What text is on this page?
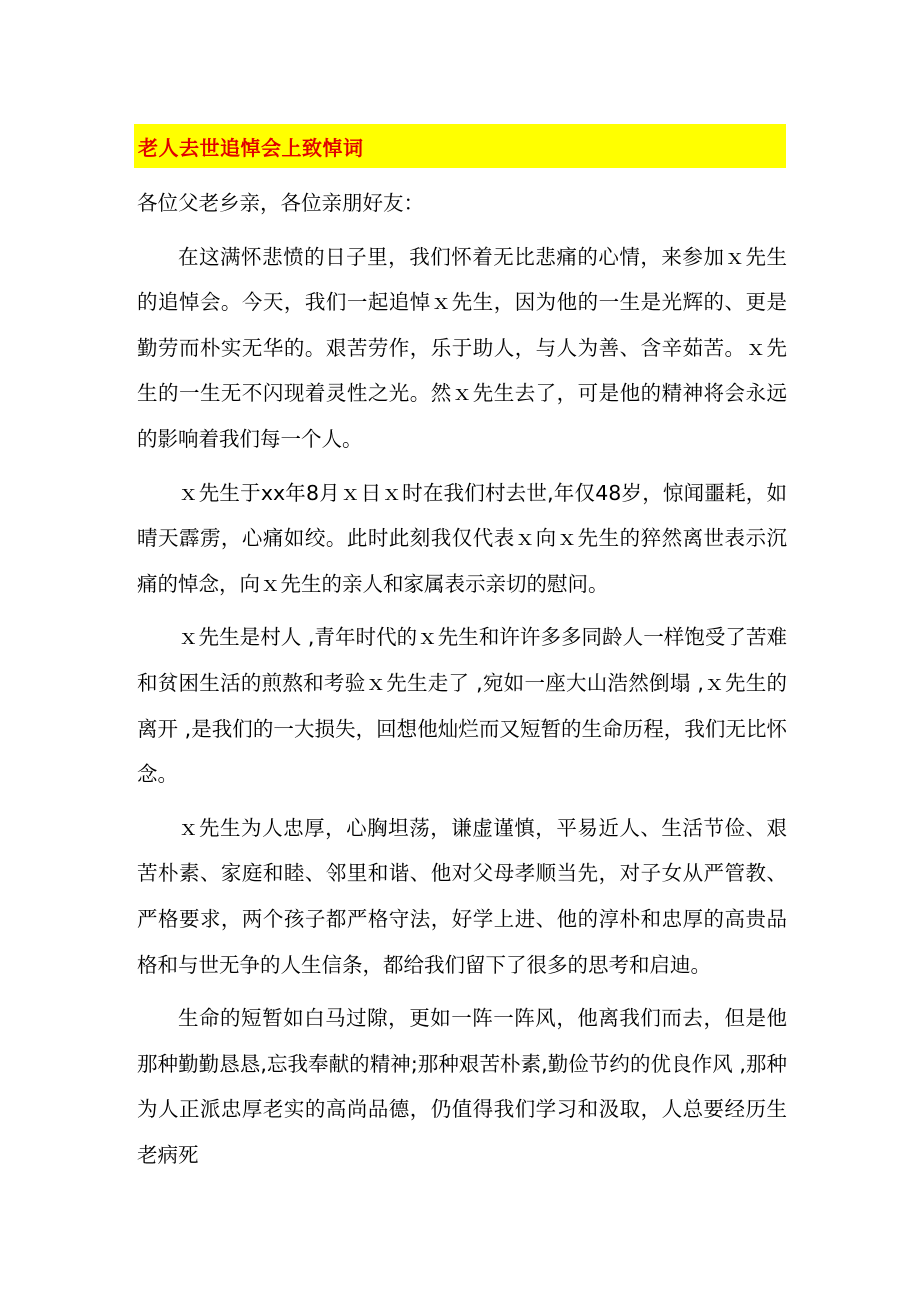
老人去世追悼会上致悼词

各位父老乡亲，各位亲朋好友：

在这满怀悲愤的日子里，我们怀着无比悲痛的心情，来参加ｘ先生的追悼会。今天，我们一起追悼ｘ先生，因为他的一生是光辉的、更是勤劳而朴实无华的。艰苦劳作，乐于助人，与人为善、含辛茹苦。ｘ先生的一生无不闪现着灵性之光。然ｘ先生去了，可是他的精神将会永远的影响着我们每一个人。

ｘ先生于xx年8月ｘ日ｘ时在我们村去世,年仅48岁，惊闻噩耗，如晴天霹雳，心痛如绞。此时此刻我仅代表ｘ向ｘ先生的猝然离世表示沉痛的悼念，向ｘ先生的亲人和家属表示亲切的慰问。

ｘ先生是村人 ,青年时代的ｘ先生和许许多多同龄人一样饱受了苦难和贫困生活的煎熬和考验ｘ先生走了 ,宛如一座大山浩然倒塌 ,ｘ先生的离开 ,是我们的一大损失，回想他灿烂而又短暂的生命历程，我们无比怀念。

ｘ先生为人忠厚，心胸坦荡，谦虚谨慎，平易近人、生活节俭、艰苦朴素、家庭和睦、邻里和谐、他对父母孝顺当先，对子女从严管教、严格要求，两个孩子都严格守法，好学上进、他的淳朴和忠厚的高贵品格和与世无争的人生信条，都给我们留下了很多的思考和启迪。

生命的短暂如白马过隙，更如一阵一阵风，他离我们而去，但是他那种勤勤恳恳,忘我奉献的精神;那种艰苦朴素,勤俭节约的优良作风 ,那种为人正派忠厚老实的高尚品德，仍值得我们学习和汲取，人总要经历生老病死
